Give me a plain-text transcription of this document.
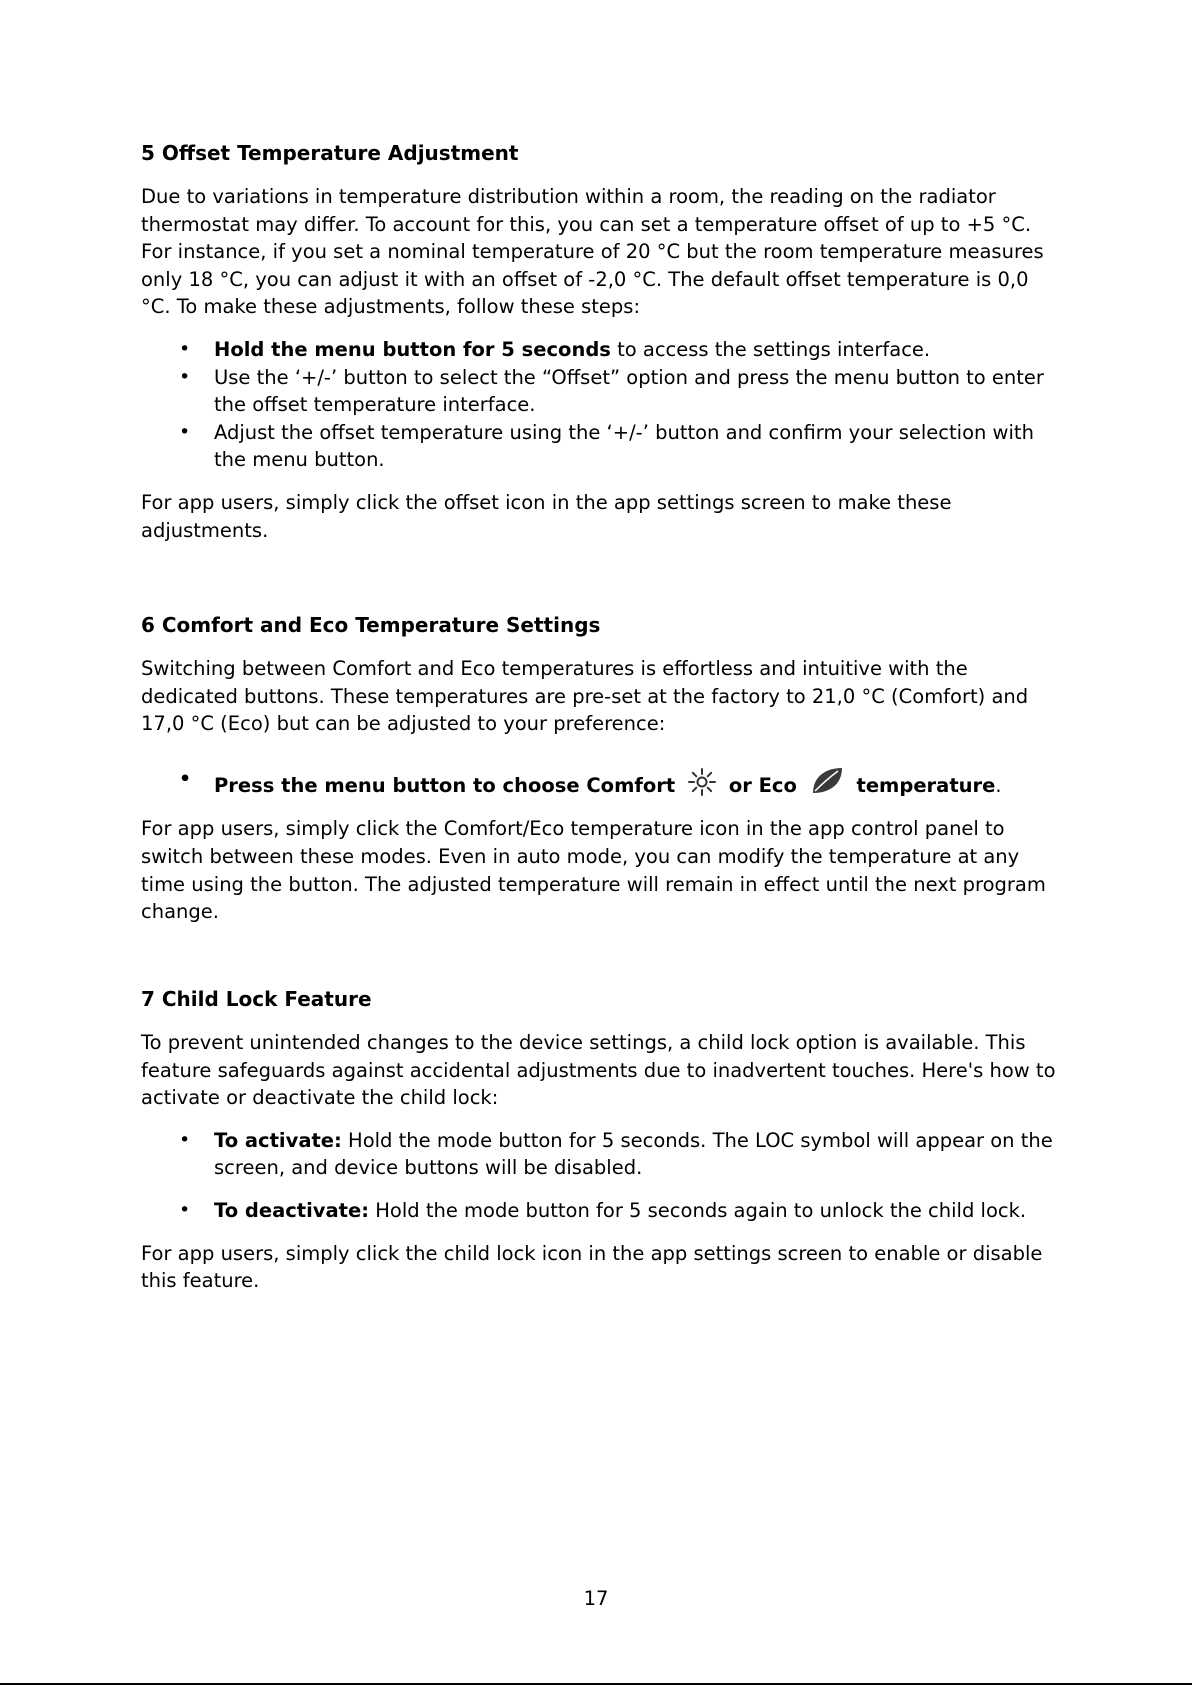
5 Offset Temperature Adjustment

Due to variations in temperature distribution within a room, the reading on the radiator thermostat may differ. To account for this, you can set a temperature offset of up to +5 °C. For instance, if you set a nominal temperature of 20 °C but the room temperature measures only 18 °C, you can adjust it with an offset of -2,0 °C. The default offset temperature is 0,0 °C. To make these adjustments, follow these steps:

• Hold the menu button for 5 seconds to access the settings interface.
• Use the ‘+/-’ button to select the “Offset” option and press the menu button to enter the offset temperature interface.
• Adjust the offset temperature using the ‘+/-’ button and confirm your selection with the menu button.

For app users, simply click the offset icon in the app settings screen to make these adjustments.

6 Comfort and Eco Temperature Settings

Switching between Comfort and Eco temperatures is effortless and intuitive with the dedicated buttons. These temperatures are pre-set at the factory to 21,0 °C (Comfort) and 17,0 °C (Eco) but can be adjusted to your preference:

• Press the menu button to choose Comfort	or Eco	temperature.

For app users, simply click the Comfort/Eco temperature icon in the app control panel to switch between these modes. Even in auto mode, you can modify the temperature at any time using the button. The adjusted temperature will remain in effect until the next program change.

7 Child Lock Feature

To prevent unintended changes to the device settings, a child lock option is available. This feature safeguards against accidental adjustments due to inadvertent touches. Here's how to activate or deactivate the child lock:

• To activate: Hold the mode button for 5 seconds. The LOC symbol will appear on the screen, and device buttons will be disabled.
• To deactivate: Hold the mode button for 5 seconds again to unlock the child lock.

For app users, simply click the child lock icon in the app settings screen to enable or disable this feature.

17
